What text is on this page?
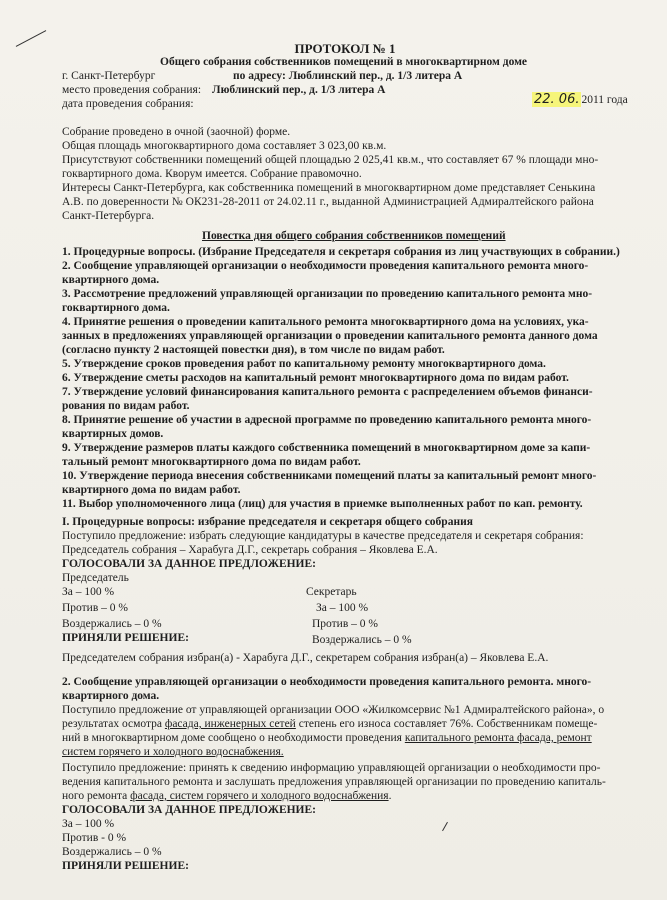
ПРОТОКОЛ № 1
Общего собрания собственников помещений в многоквартирном доме
по адресу: Люблинский пер., д. 1/3 литера А
г. Санкт-Петербург
место проведения собрания: Люблинский пер., д. 1/3 литера А
дата проведения собрания:	22. 06. 2011 года
Собрание проведено в очной (заочной) форме.
Общая площадь многоквартирного дома составляет 3 023,00 кв.м.
Присутствуют собственники помещений общей площадью 2 025,41 кв.м., что составляет 67 % площади мно-
гоквартирного дома. Кворум имеется. Собрание правомочно.
Интересы Санкт-Петербурга, как собственника помещений в многоквартирном доме представляет Сенькина
А.В. по доверенности № ОК231-28-2011 от 24.02.11 г., выданной Администрацией Адмиралтейского района
Санкт-Петербурга.
Повестка дня общего собрания собственников помещений
1. Процедурные вопросы. (Избрание Председателя и секретаря собрания из лиц участвующих в собрании.)
2. Сообщение управляющей организации о необходимости проведения капитального ремонта много-
квартирного дома.
3. Рассмотрение предложений управляющей организации по проведению капитального ремонта мно-
гоквартирного дома.
4. Принятие решения о проведении капитального ремонта многоквартирного дома на условиях, ука-
занных в предложениях управляющей организации о проведении капитального ремонта данного дома
(согласно пункту 2 настоящей повестки дня), в том числе по видам работ.
5. Утверждение сроков проведения работ по капитальному ремонту многоквартирного дома.
6. Утверждение сметы расходов на капитальный ремонт многоквартирного дома по видам работ.
7. Утверждение условий финансирования капитального ремонта с распределением объемов финанси-
рования по видам работ.
8. Принятие решение об участии в адресной программе по проведению капитального ремонта много-
квартирных домов.
9. Утверждение размеров платы каждого собственника помещений в многоквартирном доме за капи-
тальный ремонт многоквартирного дома по видам работ.
10. Утверждение периода внесения собственниками помещений платы за капитальный ремонт много-
квартирного дома по видам работ.
11. Выбор уполномоченного лица (лиц) для участия в приемке выполненных работ по кап. ремонту.
I. Процедурные вопросы: избрание председателя и секретаря общего собрания
Поступило предложение: избрать следующие кандидатуры в качестве председателя и секретаря собрания:
Председатель собрания – Харабуга Д.Г., секретарь собрания – Яковлева Е.А.
ГОЛОСОВАЛИ ЗА ДАННОЕ ПРЕДЛОЖЕНИЕ:
Председатель
Секретарь
За – 100 %
Против – 0 %
Воздержались – 0 %
За – 100 %
Против – 0 %
Воздержались – 0 %
ПРИНЯЛИ РЕШЕНИЕ:
Председателем собрания избран(а) - Харабуга Д.Г., секретарем собрания избран(а) – Яковлева Е.А.
2. Сообщение управляющей организации о необходимости проведения капитального ремонта. много-
квартирного дома.
Поступило предложение от управляющей организации ООО «Жилкомсервис №1 Адмиралтейского района», о
результатах осмотра фасада, инженерных сетей степень его износа составляет 76%. Собственникам помеще-
ний в многоквартирном доме сообщено о необходимости проведения капитального ремонта фасада, ремонт
систем горячего и холодного водоснабжения.
Поступило предложение: принять к сведению информацию управляющей организации о необходимости про-
ведения капитального ремонта и заслушать предложения управляющей организации по проведению капиталь-
ного ремонта фасада, систем горячего и холодного водоснабжения.
ГОЛОСОВАЛИ ЗА ДАННОЕ ПРЕДЛОЖЕНИЕ:
За – 100 %
Против - 0 %
Воздержались – 0 %
ПРИНЯЛИ РЕШЕНИЕ:
